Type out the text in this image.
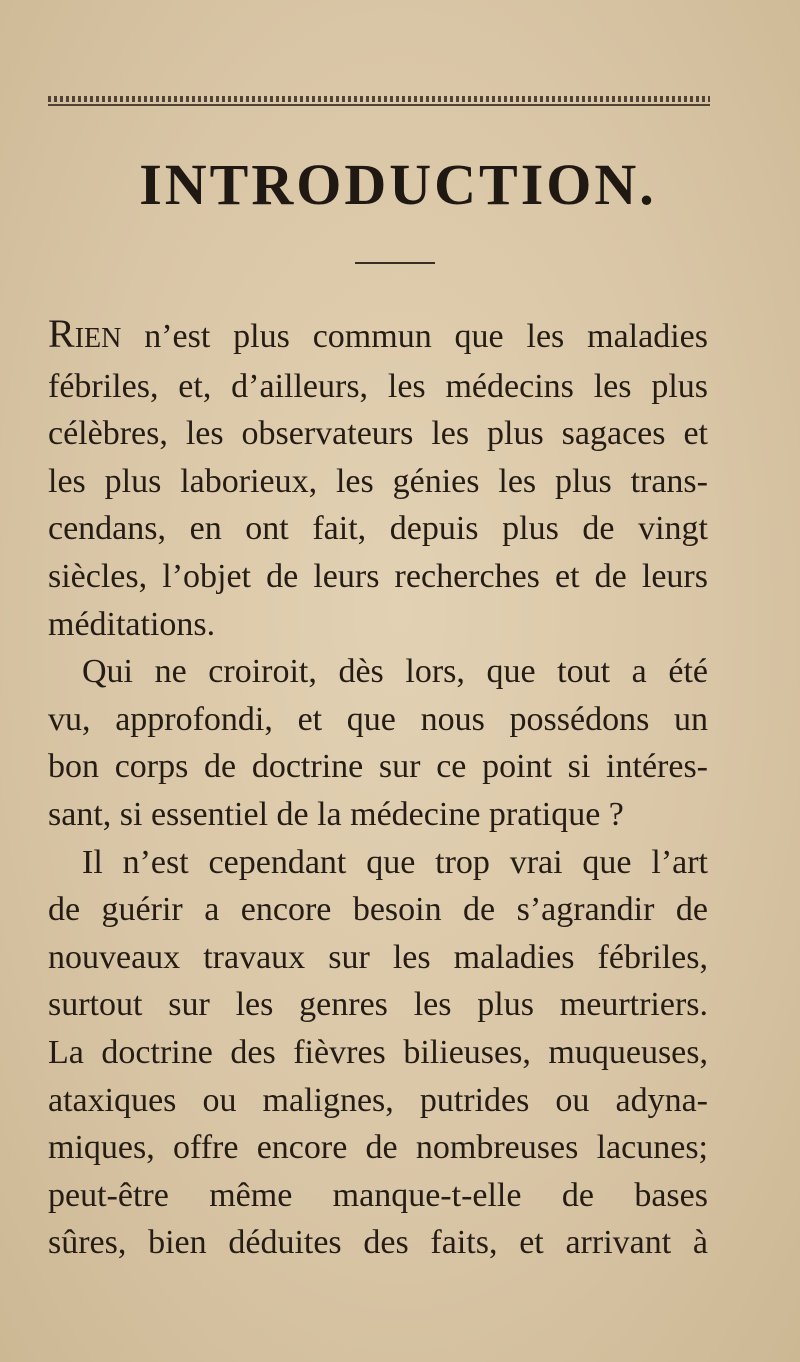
INTRODUCTION.

RIEN n’est plus commun que les maladies
fébriles, et, d’ailleurs, les médecins les plus
célèbres, les observateurs les plus sagaces et
les plus laborieux, les génies les plus trans-
cendans, en ont fait, depuis plus de vingt
siècles, l’objet de leurs recherches et de leurs
méditations.

Qui ne croiroit, dès lors, que tout a été
vu, approfondi, et que nous possédons un
bon corps de doctrine sur ce point si intéres-
sant, si essentiel de la médecine pratique ?

Il n’est cependant que trop vrai que l’art
de guérir a encore besoin de s’agrandir de
nouveaux travaux sur les maladies fébriles,
surtout sur les genres les plus meurtriers.
La doctrine des fièvres bilieuses, muqueuses,
ataxiques ou malignes, putrides ou adyna-
miques, offre encore de nombreuses lacunes;
peut-être même manque-t-elle de bases
sûres, bien déduites des faits, et arrivant à
